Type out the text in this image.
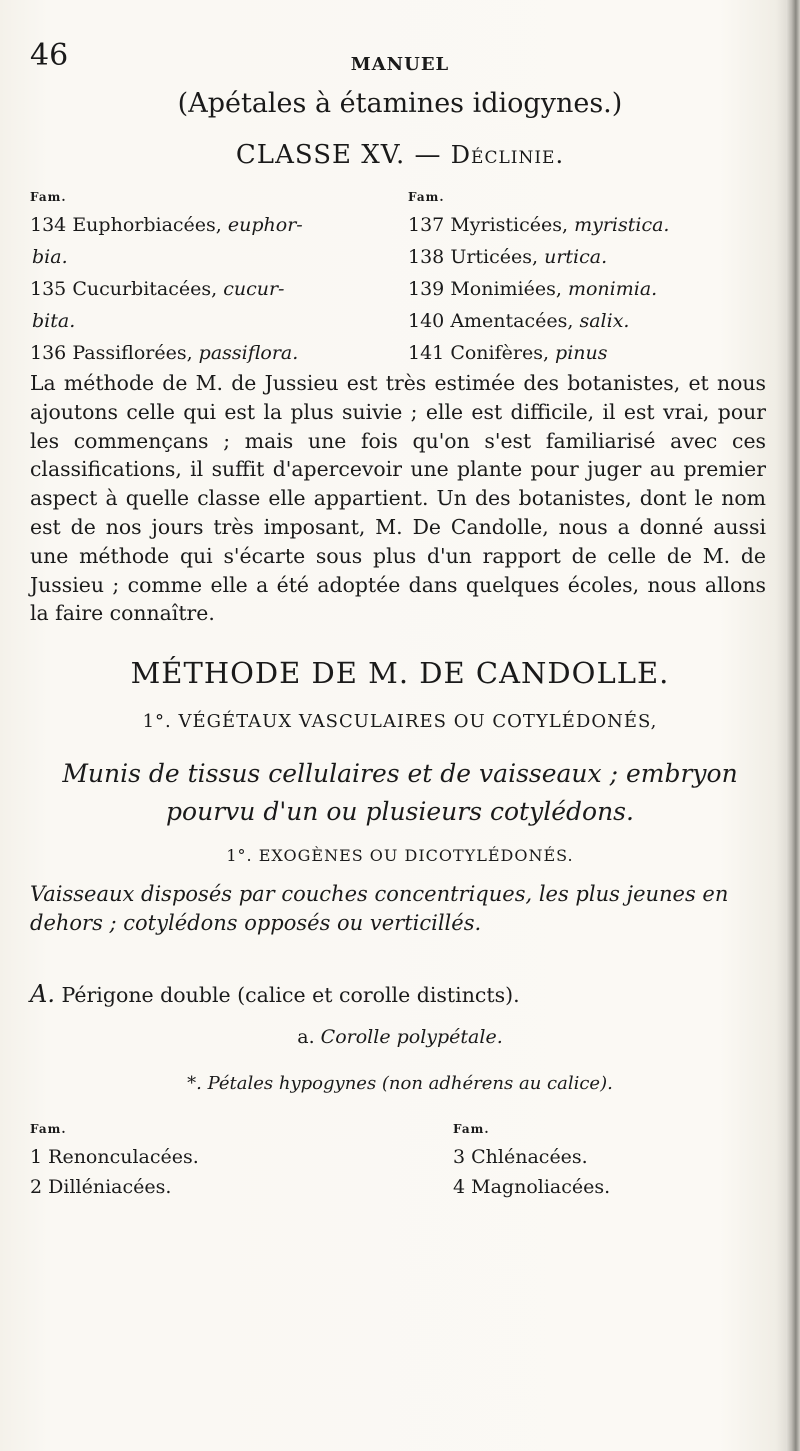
46	MANUEL
(Apétales à étamines idiogynes.)
CLASSE XV. — Déclinie.
Fam.
134 Euphorbiacées, euphor-
bia.
135 Cucurbitacées, cucur-
bita.
136 Passiflorées, passiflora.
Fam.
137 Myristicées, myristica.
138 Urticées, urtica.
139 Monimiées, monimia.
140 Amentacées, salix.
141 Conifères, pinus

La méthode de M. de Jussieu est très estimée des botanistes, et nous ajoutons celle qui est la plus suivie ; elle est difficile, il est vrai, pour les commençans ; mais une fois qu'on s'est familiarisé avec ces classifications, il suffit d'apercevoir une plante pour juger au premier aspect à quelle classe elle appartient. Un des botanistes, dont le nom est de nos jours très imposant, M. De Candolle, nous a donné aussi une méthode qui s'écarte sous plus d'un rapport de celle de M. de Jussieu ; comme elle a été adoptée dans quelques écoles, nous allons la faire connaître.

MÉTHODE DE M. DE CANDOLLE.
1°. VÉGÉTAUX VASCULAIRES OU COTYLÉDONÉS,
Munis de tissus cellulaires et de vaisseaux ; embryon pourvu d'un ou plusieurs cotylédons.
1°. EXOGÈNES OU DICOTYLÉDONÉS.
Vaisseaux disposés par couches concentriques, les plus jeunes en dehors ; cotylédons opposés ou verticillés.
A. Périgone double (calice et corolle distincts).
a. Corolle polypétale.
*. Pétales hypogynes (non adhérens au calice).
Fam.
1 Renonculacées.
2 Dilléniacées.
Fam.
3 Chlénacées.
4 Magnoliacées.
